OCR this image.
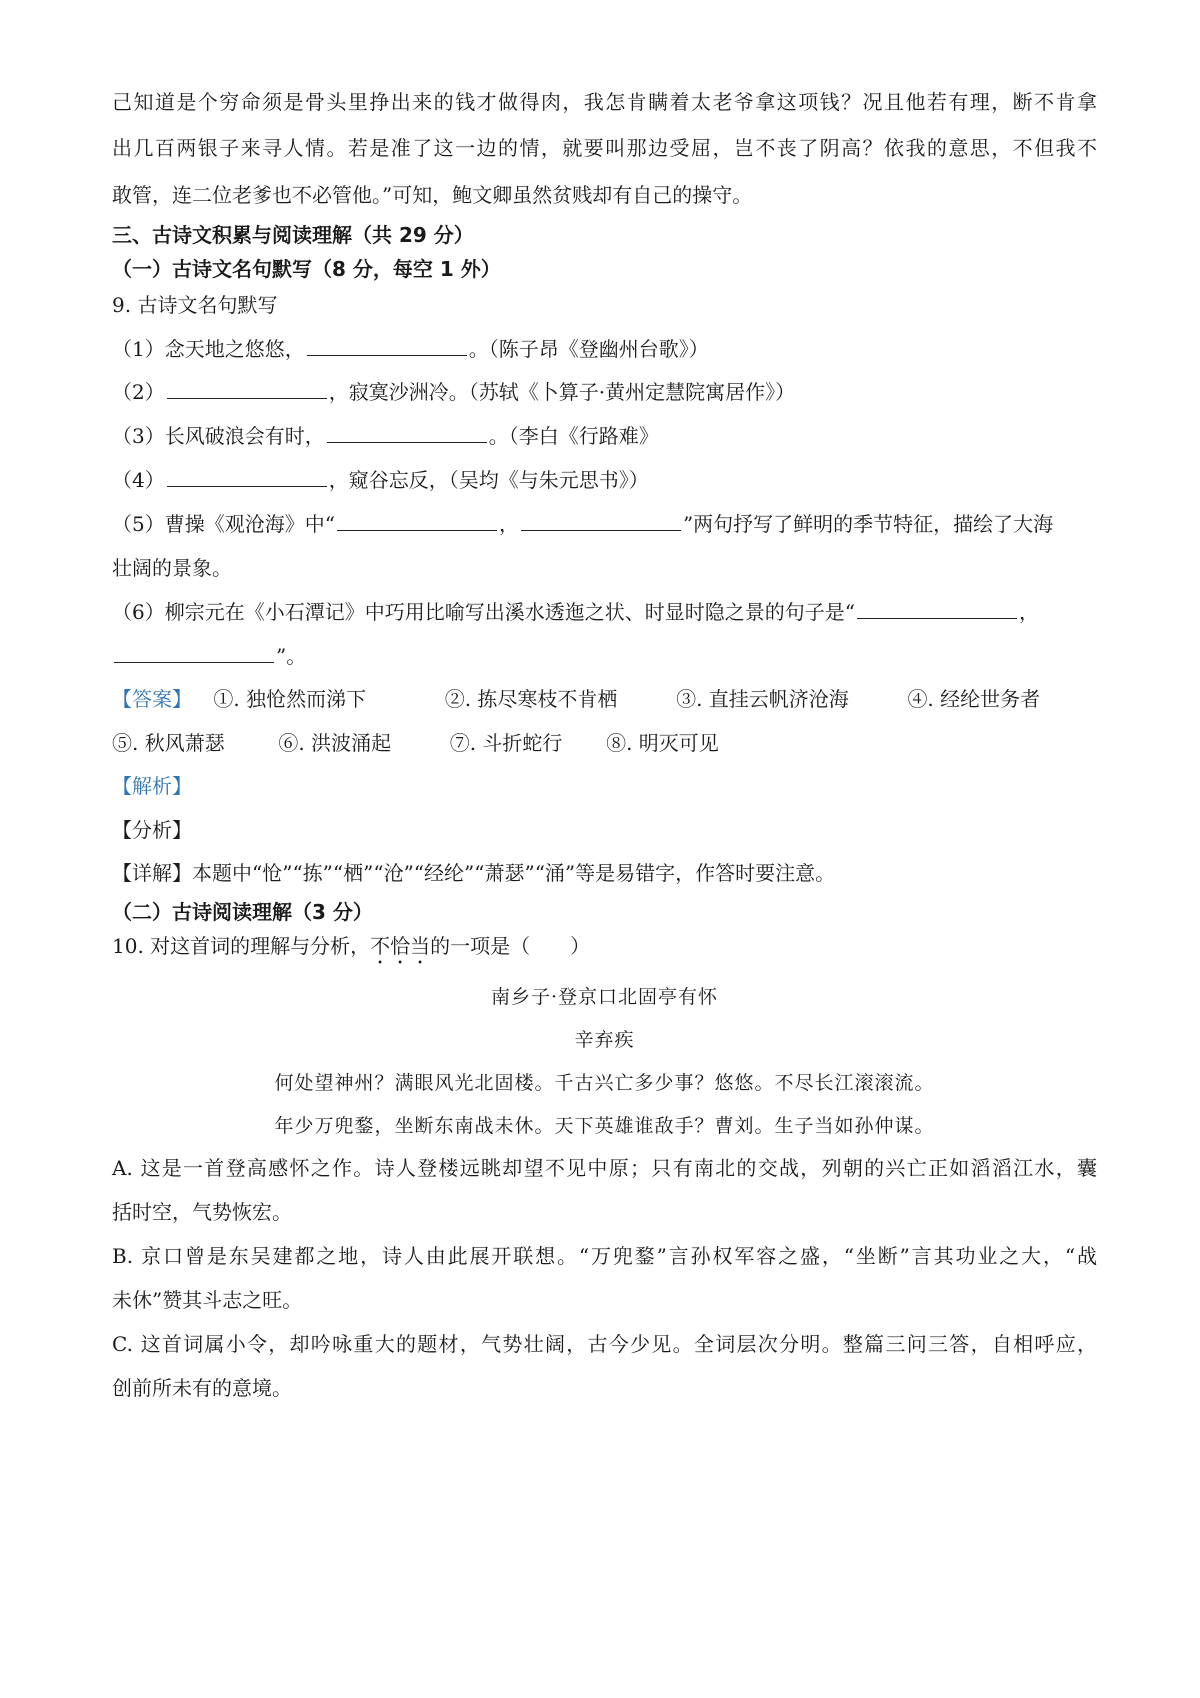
己知道是个穷命须是骨头里挣出来的钱才做得肉，我怎肯瞒着太老爷拿这项钱？况且他若有理，断不肯拿
出几百两银子来寻人情。若是准了这一边的情，就要叫那边受屈，岂不丧了阴高？依我的意思，不但我不
敢管，连二位老爹也不必管他。”可知，鲍文卿虽然贫贱却有自己的操守。
三、古诗文积累与阅读理解（共 29 分）
（一）古诗文名句默写（8 分，每空 1 外）
9. 古诗文名句默写
（1）念天地之悠悠，	。（陈子昂《登幽州台歌》）
（2）	，寂寞沙洲冷。（苏轼《卜算子·黄州定慧院寓居作》）
（3）长风破浪会有时，	。（李白《行路难》
（4）	，窥谷忘反，（吴均《与朱元思书》）
（5）曹操《观沧海》中“	，	”两句抒写了鲜明的季节特征，描绘了大海
壮阔的景象。
（6）柳宗元在《小石潭记》中巧用比喻写出溪水透迤之状、时显时隐之景的句子是“	，
”。
【答案】 ①. 独怆然而涕下	②. 拣尽寒枝不肯栖	③. 直挂云帆济沧海	④. 经纶世务者
⑤. 秋风萧瑟	⑥. 洪波涌起	⑦. 斗折蛇行 ⑧. 明灭可见
【解析】
【分析】
【详解】本题中“怆”“拣”“栖”“沧”“经纶”“萧瑟”“涌”等是易错字，作答时要注意。
（二）古诗阅读理解（3 分）
10. 对这首词的理解与分析，不恰当的一项是（　　）
南乡子·登京口北固亭有怀
辛弃疾
何处望神州？满眼风光北固楼。千古兴亡多少事？悠悠。不尽长江滚滚流。
年少万兜鍪，坐断东南战未休。天下英雄谁敌手？曹刘。生子当如孙仲谋。
A. 这是一首登高感怀之作。诗人登楼远眺却望不见中原；只有南北的交战，列朝的兴亡正如滔滔江水，囊
括时空，气势恢宏。
B. 京口曾是东吴建都之地，诗人由此展开联想。“万兜鍪”言孙权军容之盛，“坐断”言其功业之大，“战
未休”赞其斗志之旺。
C. 这首词属小令，却吟咏重大的题材，气势壮阔，古今少见。全词层次分明。整篇三问三答，自相呼应，
创前所未有的意境。
